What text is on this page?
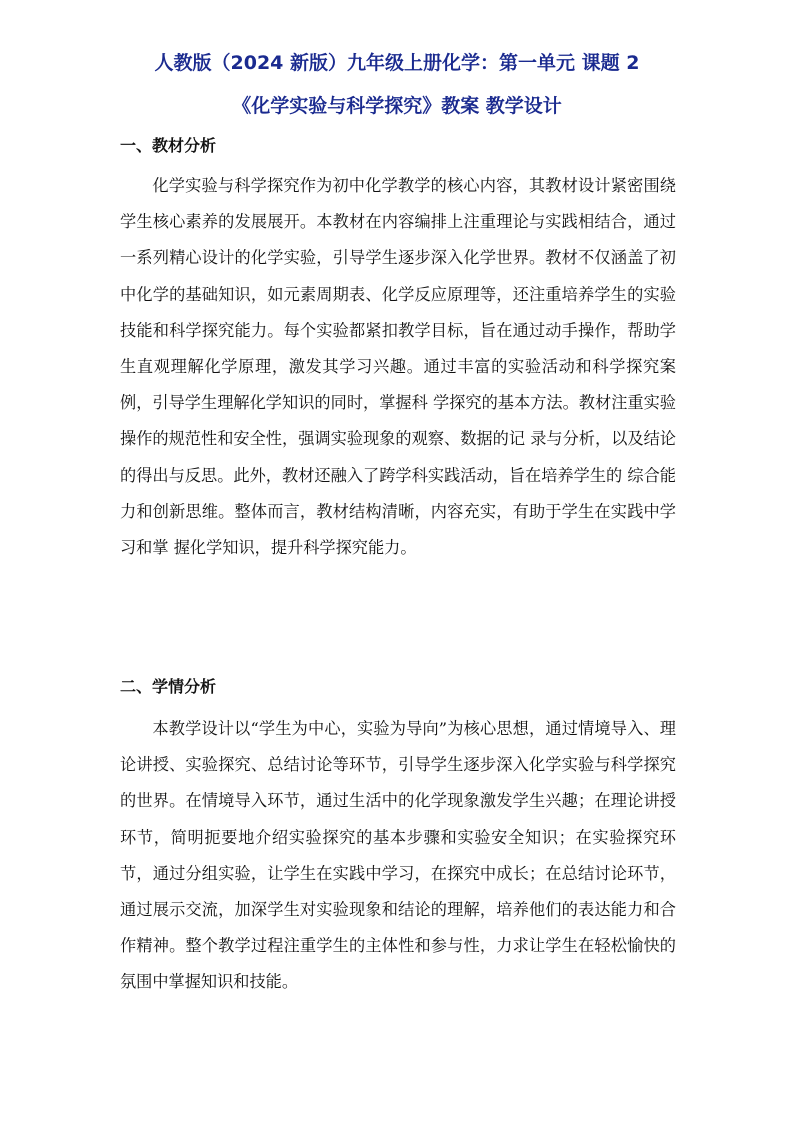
人教版（2024 新版）九年级上册化学：第一单元 课题 2
《化学实验与科学探究》教案 教学设计
一、教材分析

化学实验与科学探究作为初中化学教学的核心内容，其教材设计紧密围绕学生核心素养的发展展开。本教材在内容编排上注重理论与实践相结合，通过一系列精心设计的化学实验，引导学生逐步深入化学世界。教材不仅涵盖了初中化学的基础知识，如元素周期表、化学反应原理等，还注重培养学生的实验技能和科学探究能力。每个实验都紧扣教学目标，旨在通过动手操作，帮助学生直观理解化学原理，激发其学习兴趣。通过丰富的实验活动和科学探究案例，引导学生理解化学知识的同时，掌握科 学探究的基本方法。教材注重实验操作的规范性和安全性，强调实验现象的观察、数据的记 录与分析，以及结论的得出与反思。此外，教材还融入了跨学科实践活动，旨在培养学生的 综合能力和创新思维。整体而言，教材结构清晰，内容充实，有助于学生在实践中学习和掌 握化学知识，提升科学探究能力。

二、学情分析

本教学设计以“学生为中心，实验为导向”为核心思想，通过情境导入、理论讲授、实验探究、总结讨论等环节，引导学生逐步深入化学实验与科学探究的世界。在情境导入环节，通过生活中的化学现象激发学生兴趣；在理论讲授环节，简明扼要地介绍实验探究的基本步骤和实验安全知识；在实验探究环节，通过分组实验，让学生在实践中学习，在探究中成长；在总结讨论环节，通过展示交流，加深学生对实验现象和结论的理解，培养他们的表达能力和合作精神。整个教学过程注重学生的主体性和参与性，力求让学生在轻松愉快的氛围中掌握知识和技能。
